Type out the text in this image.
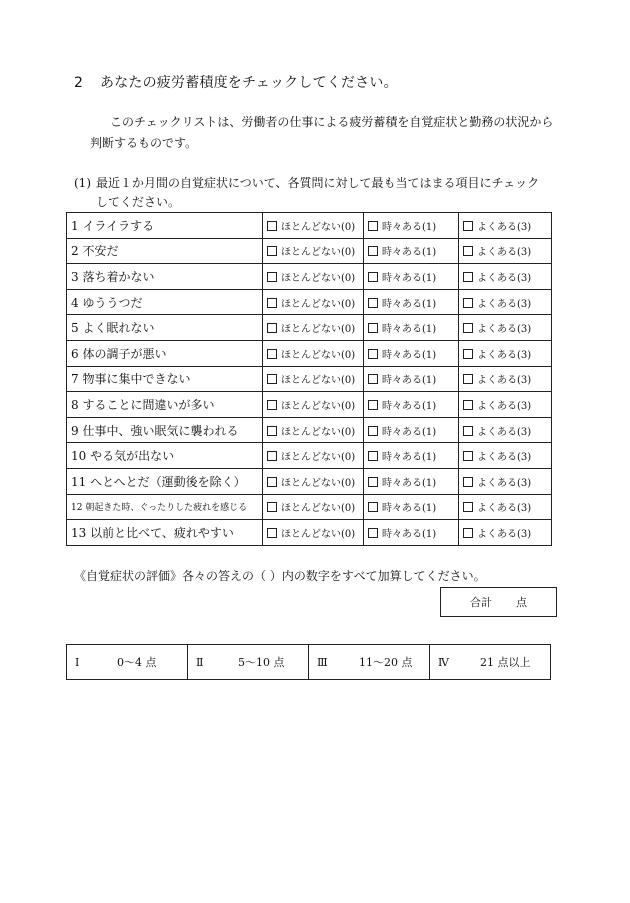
2 あなたの疲労蓄積度をチェックしてください。
このチェックリストは、労働者の仕事による疲労蓄積を自覚症状と勤務の状況から
判断するものです。
(1) 最近１か月間の自覚症状について、各質問に対して最も当てはまる項目にチェック
してください。
1 イライラする	ほとんどない(0)	時々ある(1)	よくある(3)
2 不安だ	ほとんどない(0)	時々ある(1)	よくある(3)
3 落ち着かない	ほとんどない(0)	時々ある(1)	よくある(3)
4 ゆううつだ	ほとんどない(0)	時々ある(1)	よくある(3)
5 よく眠れない	ほとんどない(0)	時々ある(1)	よくある(3)
6 体の調子が悪い	ほとんどない(0)	時々ある(1)	よくある(3)
7 物事に集中できない	ほとんどない(0)	時々ある(1)	よくある(3)
8 することに間違いが多い	ほとんどない(0)	時々ある(1)	よくある(3)
9 仕事中、強い眠気に襲われる	ほとんどない(0)	時々ある(1)	よくある(3)
10 やる気が出ない	ほとんどない(0)	時々ある(1)	よくある(3)
11 へとへとだ（運動後を除く）	ほとんどない(0)	時々ある(1)	よくある(3)
12 朝起きた時、ぐったりした疲れを感じる	ほとんどない(0)	時々ある(1)	よくある(3)
13 以前と比べて、疲れやすい	ほとんどない(0)	時々ある(1)	よくある(3)
《自覚症状の評価》各々の答えの（ ）内の数字をすべて加算してください。
合計 点
Ⅰ	0～4 点	Ⅱ	5～10 点	Ⅲ	11～20 点	Ⅳ	21 点以上
